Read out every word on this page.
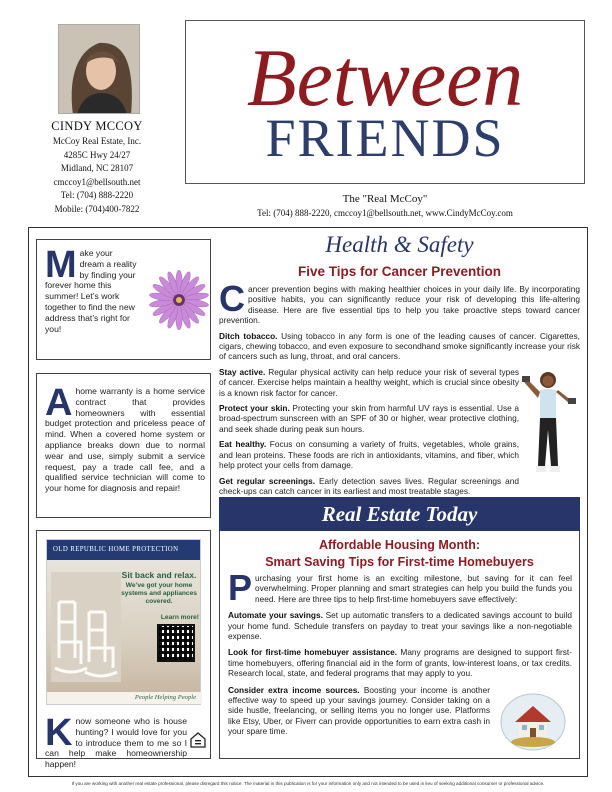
CINDY MCCOY
McCoy Real Estate, Inc.
4285C Hwy 24/27
Midland, NC 28107
cmccoy1@bellsouth.net
Tel: (704) 888-2220
Mobile: (704)400-7822
Between
FRIENDS
The "Real McCoy"
Tel: (704) 888-2220, cmccoy1@bellsouth.net, www.CindyMcCoy.com
Make your dream a reality by finding your forever home this summer! Let’s work together to find the new address that’s right for you!
Ahome warranty is a home service contract that provides homeowners with essential budget protection and priceless peace of mind. When a covered home system or appliance breaks down due to normal wear and use, simply submit a service request, pay a trade call fee, and a qualified service technician will come to your home for diagnosis and repair!
OLD REPUBLIC HOME PROTECTION
Sit back and relax.
We’ve got your home systems and appliances covered.
Learn more!
People Helping People
Know someone who is house hunting? I would love for you to introduce them to me so I can help make homeownership happen!
Health & Safety
Five Tips for Cancer Prevention

Cancer prevention begins with making healthier choices in your daily life. By incorporating positive habits, you can significantly reduce your risk of developing this life-altering disease. Here are five essential tips to help you take proactive steps toward cancer prevention.

Ditch tobacco. Using tobacco in any form is one of the leading causes of cancer. Cigarettes, cigars, chewing tobacco, and even exposure to secondhand smoke significantly increase your risk of cancers such as lung, throat, and oral cancers.

Stay active. Regular physical activity can help reduce your risk of several types of cancer. Exercise helps maintain a healthy weight, which is crucial since obesity is a known risk factor for cancer.

Protect your skin. Protecting your skin from harmful UV rays is essential. Use a broad-spectrum sunscreen with an SPF of 30 or higher, wear protective clothing, and seek shade during peak sun hours.

Eat healthy. Focus on consuming a variety of fruits, vegetables, whole grains, and lean proteins. These foods are rich in antioxidants, vitamins, and fiber, which help protect your cells from damage.

Get regular screenings. Early detection saves lives. Regular screenings and check-ups can catch cancer in its earliest and most treatable stages.

Real Estate Today
Affordable Housing Month:
Smart Saving Tips for First-time Homebuyers

Purchasing your first home is an exciting milestone, but saving for it can feel overwhelming. Proper planning and smart strategies can help you build the funds you need. Here are three tips to help first-time homebuyers save effectively:

Automate your savings. Set up automatic transfers to a dedicated savings account to build your home fund. Schedule transfers on payday to treat your savings like a non-negotiable expense.

Look for first-time homebuyer assistance. Many programs are designed to support first-time homebuyers, offering financial aid in the form of grants, low-interest loans, or tax credits. Research local, state, and federal programs that may apply to you.

Consider extra income sources. Boosting your income is another effective way to speed up your savings journey. Consider taking on a side hustle, freelancing, or selling items you no longer use. Platforms like Etsy, Uber, or Fiverr can provide opportunities to earn extra cash in your spare time.

If you are working with another real estate professional, please disregard this notice. The material in this publication is for your information only and not intended to be used in lieu of seeking additional consumer or professional advice.
